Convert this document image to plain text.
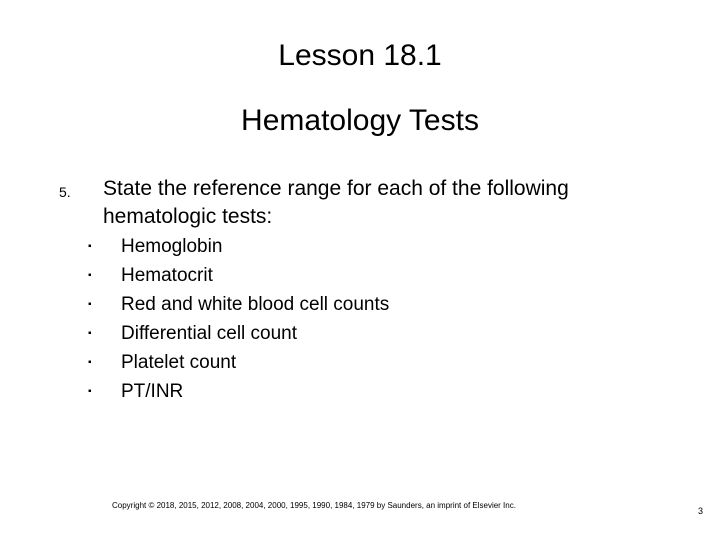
Lesson 18.1
Hematology Tests
5. State the reference range for each of the following hematologic tests:

▪	Hemoglobin
▪	Hematocrit
▪	Red and white blood cell counts
▪	Differential cell count
▪	Platelet count
▪	PT/INR
Copyright © 2018, 2015, 2012, 2008, 2004, 2000, 1995, 1990, 1984, 1979 by Saunders, an imprint of Elsevier Inc.
3
